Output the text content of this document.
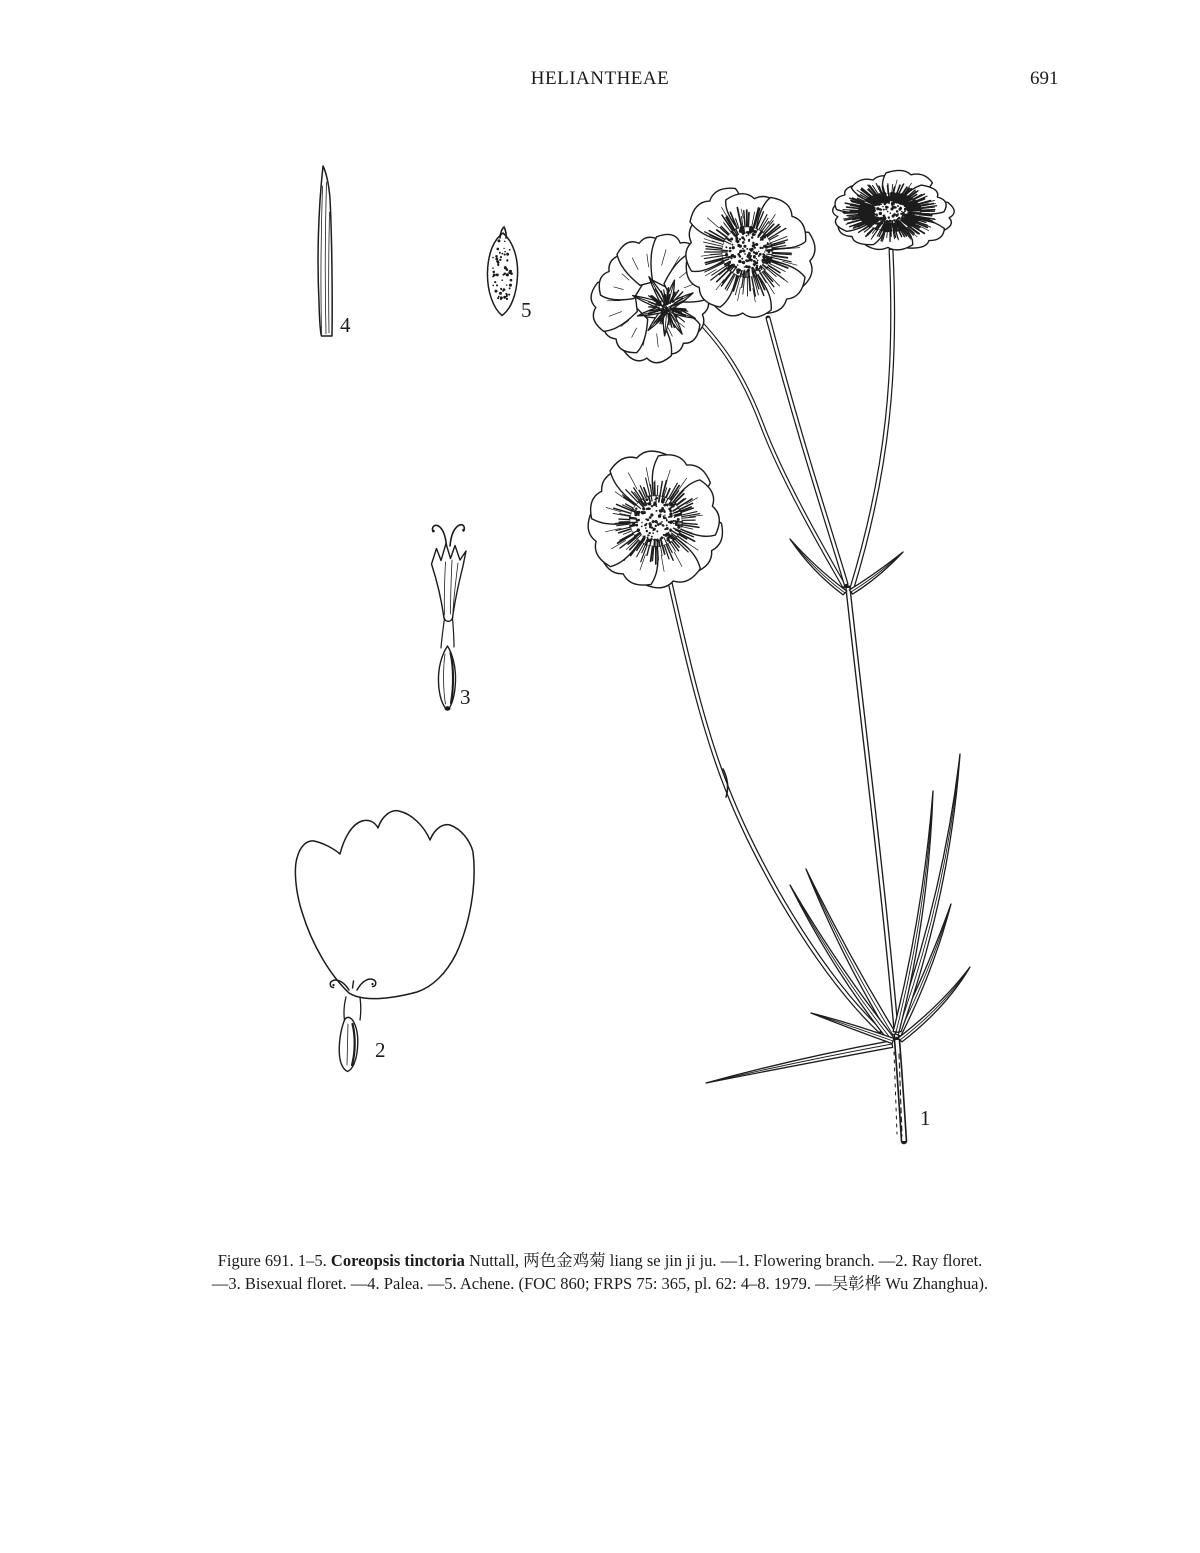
HELIANTHEAE	691
1
2
3
4
5
Figure 691. 1–5. Coreopsis tinctoria Nuttall, 两色金鸡菊 liang se jin ji ju. —1. Flowering branch. —2. Ray floret.
—3. Bisexual floret. —4. Palea. —5. Achene. (FOC 860; FRPS 75: 365, pl. 62: 4–8. 1979. —吴彰桦 Wu Zhanghua).
